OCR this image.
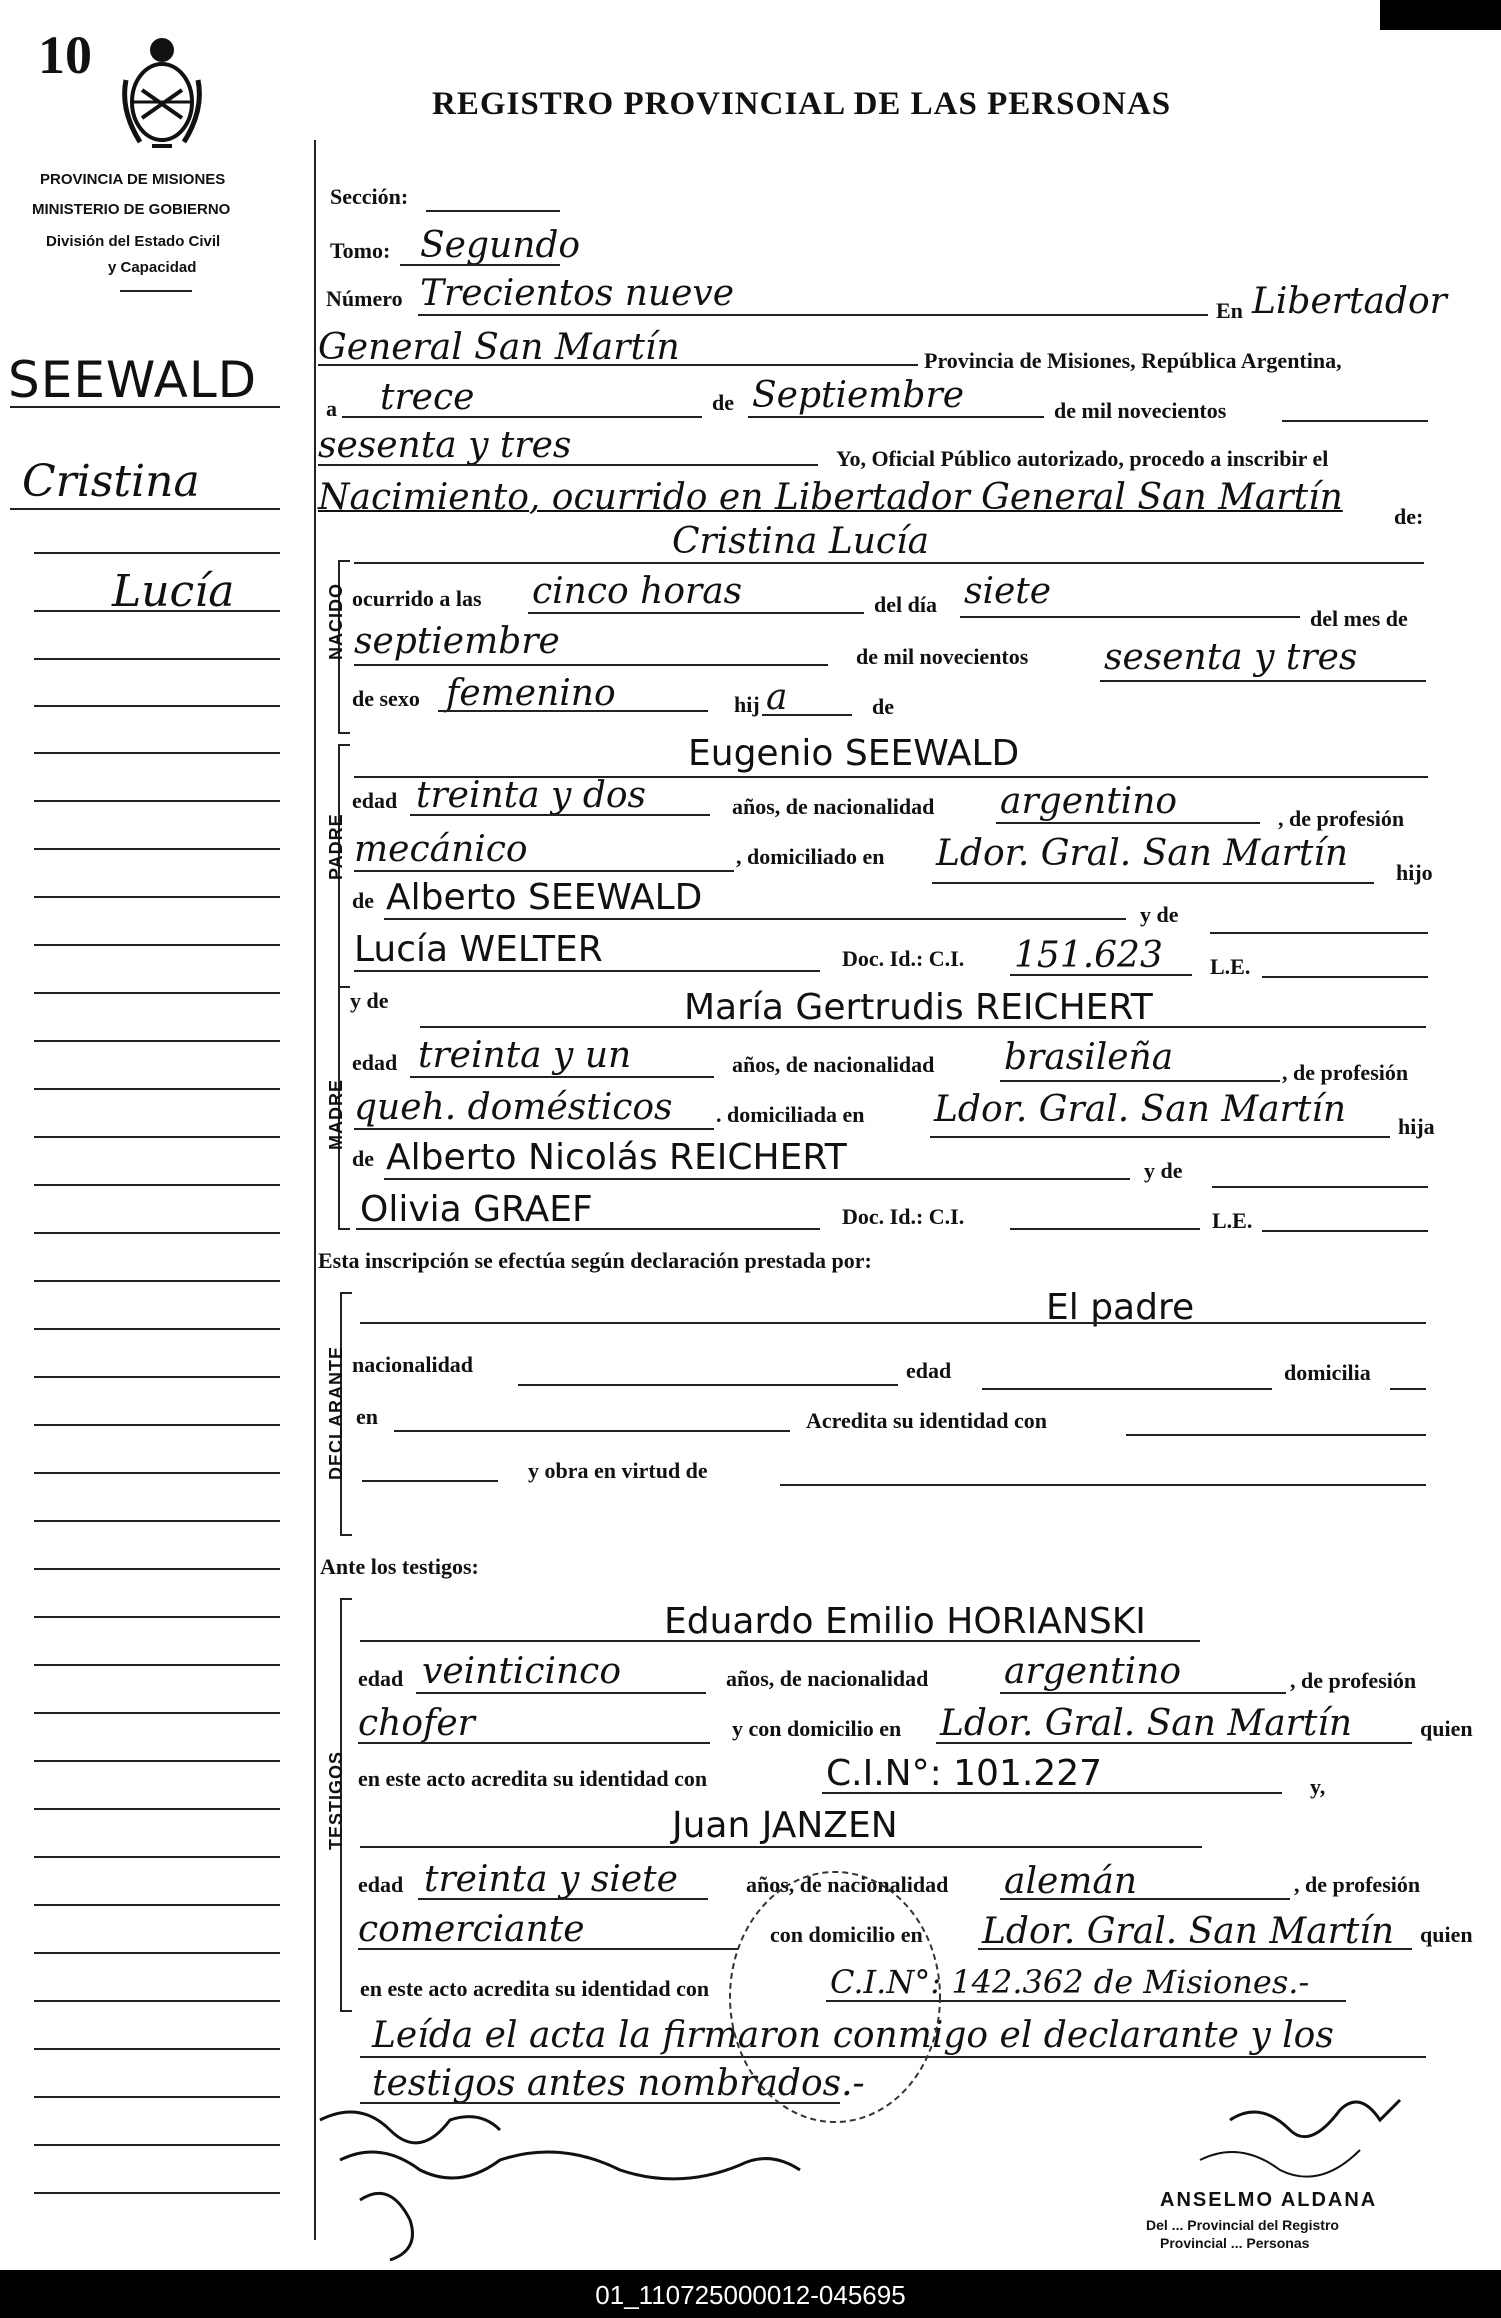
10
REGISTRO PROVINCIAL DE LAS PERSONAS
PROVINCIA DE MISIONES
MINISTERIO DE GOBIERNO
División del Estado Civil
y Capacidad
SEEWALD
Cristina
Lucía
Sección:
Tomo: Segundo
Número Trecientos nueve	En Libertador
General San Martín	Provincia de Misiones, República Argentina,
a trece	de Septiembre	de mil novecientos
sesenta y tres	Yo, Oficial Público autorizado, procedo a inscribir el
Nacimiento, ocurrido en Libertador General San Martín de:
NACIDO
Cristina Lucía
ocurrido a las cinco horas	del día siete
del mes de
septiembre	de mil novecientos sesenta y tres
de sexo femenino	hij a	de
PADRE
Eugenio SEEWALD
edad treinta y dos	años, de nacionalidad argentino	, de profesión
mecánico	, domiciliado en Ldor. Gral. San Martín hijo
de Alberto SEEWALD	y de
Lucía WELTER	Doc. Id.: C.I. 151.623 L.E.
MADRE
y de	María Gertrudis REICHERT
edad treinta y un	años, de nacionalidad brasileña	, de profesión
queh. domésticos . domiciliada en Ldor. Gral. San Martín hija
de Alberto Nicolás REICHERT	y de
Olivia GRAEF	Doc. Id.: C.I.	L.E.
Esta inscripción se efectúa según declaración prestada por:
DECLARANTE
El padre
nacionalidad	edad	domicilia
en	Acredita su identidad con
y obra en virtud de
Ante los testigos:
TESTIGOS
Eduardo Emilio HORIANSKI
edad veinticinco	años, de nacionalidad argentino	, de profesión
chofer	y con domicilio en Ldor. Gral. San Martín	quien
en este acto acredita su identidad con	C.I.N°: 101.227	y,
Juan JANZEN
edad treinta y siete	años, de nacionalidad alemán	, de profesión
comerciante	con domicilio en Ldor. Gral. San Martín quien
en este acto acredita su identidad con	C.I.N°: 142.362 de Misiones.-
Leída el acta la firmaron conmigo el declarante y los
testigos antes nombrados.-
ANSELMO ALDANA
Del ... Provincial del Registro
Provincial ... Personas
01_110725000012-045695
